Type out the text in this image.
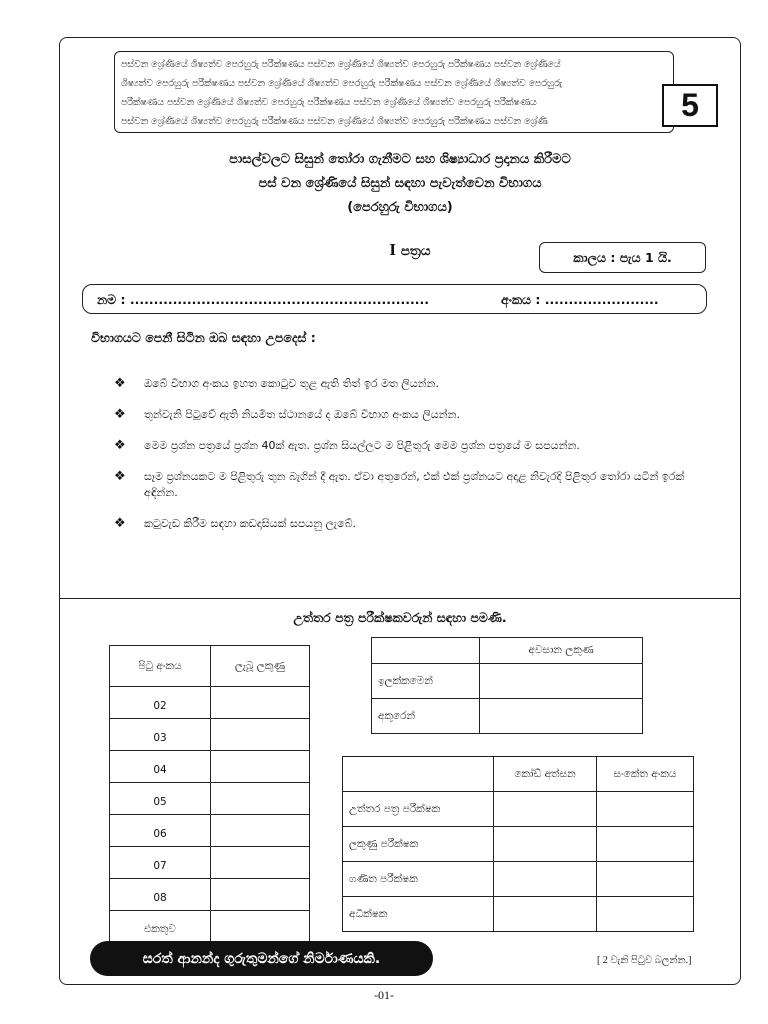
පස්වන ශ්‍රේණියේ ශිෂ්‍යත්ව පෙරහුරු පරීක්ෂණය පස්වන ශ්‍රේණියේ ශිෂ්‍යත්ව පෙරහුරු පරීක්ෂණය පස්වන ශ්‍රේණියේ
ශිෂ්‍යත්ව පෙරහුරු පරීක්ෂණය පස්වන ශ්‍රේණියේ ශිෂ්‍යත්ව පෙරහුරු පරීක්ෂණය පස්වන ශ්‍රේණියේ ශිෂ්‍යත්ව පෙරහුරු
පරීක්ෂණය පස්වන ශ්‍රේණියේ ශිෂ්‍යත්ව පෙරහුරු පරීක්ෂණය පස්වන ශ්‍රේණියේ ශිෂ්‍යත්ව පෙරහුරු පරීක්ෂණය
පස්වන ශ්‍රේණියේ ශිෂ්‍යත්ව පෙරහුරු පරීක්ෂණය පස්වන ශ්‍රේණියේ ශිෂ්‍යත්ව පෙරහුරු පරීක්ෂණය පස්වන ශ්‍රේණි	5
පාසල්වලට සිසුන් තෝරා ගැනීමට සහ ශිෂ්‍යාධාර ප්‍රදානය කිරීමට
පස් වන ශ්‍රේණියේ සිසුන් සඳහා පැවැත්වෙන විභාගය
(පෙරහුරු විභාගය)
I පත්‍රය	කාලය : පැය 1 යි.
නම : ...............................................................	අංකය : ........................
විභාගයට පෙනී සිටින ඔබ සඳහා උපදෙස් :
❖	ඔබේ විභාග අංකය ඉහත කොටුව තුළ ඇති තිත් ඉර මත ලියන්න.
❖	තුන්වැනි පිටුවේ ඇති නියමිත ස්ථානයේ ද ඔබේ විභාග අංකය ලියන්න.
❖	මෙම ප්‍රශ්න පත්‍රයේ ප්‍රශ්න 40ක් ඇත. ප්‍රශ්න සියල්ලට ම පිළිතුරු මෙම ප්‍රශ්න පත්‍රයේ ම සපයන්න.
❖	සෑම ප්‍රශ්නයකට ම පිළිතුරු තුන බැගින් දී ඇත. ඒවා අතුරෙන්, එක් එක් ප්‍රශ්නයට අදාළ නිවැරදි පිළිතුර තෝරා යටින් ඉරක් අඳින්න.
❖	කටුවැඩ කිරීම සඳහා කඩදාසියක් සපයනු ලැබේ.
උත්තර පත්‍ර පරීක්ෂකවරුන් සඳහා පමණි.
පිටු අංකය	ලැබූ ලකුණු
02	
03	
04	
05	
06	
07	
08	
එකතුව	
	අවසාන ලකුණ
ඉලක්කමෙන්	
අකුරෙන්	
	කෝඩ් අත්සන	සංකේත අංකය
උත්තර පත්‍ර පරීක්ෂක		
ලකුණු පරීක්ෂක		
ගණිත පරීක්ෂක		
අධීක්ෂක		
සරත් ආනන්ද ගුරුතුමන්ගේ නිර්මාණයකි.	[ 2 වැනි පිටුව බලන්න.]
-01-
